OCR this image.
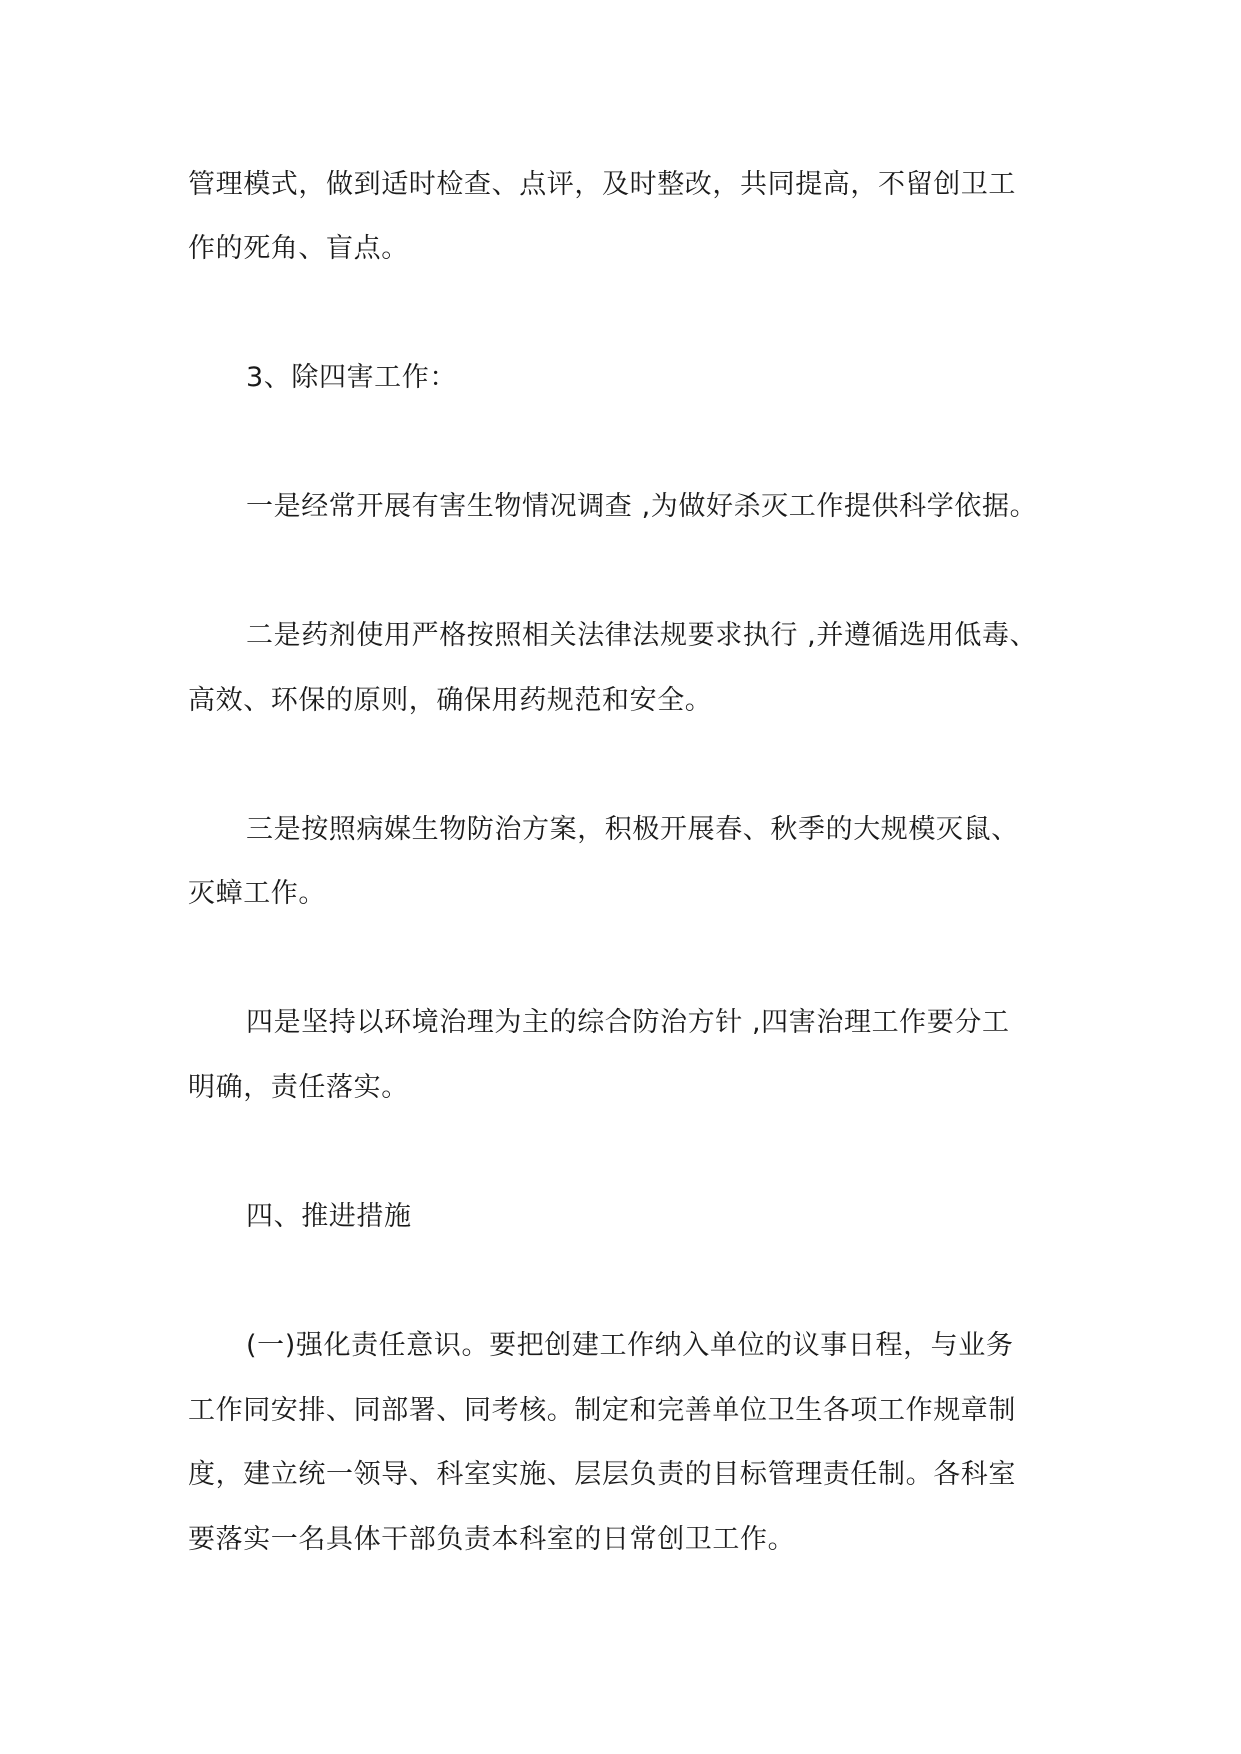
管理模式，做到适时检查、点评，及时整改，共同提高，不留创卫工
作的死角、盲点。
3、除四害工作：
一是经常开展有害生物情况调查 ,为做好杀灭工作提供科学依据。
二是药剂使用严格按照相关法律法规要求执行 ,并遵循选用低毒、
高效、环保的原则，确保用药规范和安全。
三是按照病媒生物防治方案，积极开展春、秋季的大规模灭鼠、
灭蟑工作。
四是坚持以环境治理为主的综合防治方针 ,四害治理工作要分工
明确，责任落实。
四、推进措施
(一)强化责任意识。要把创建工作纳入单位的议事日程，与业务
工作同安排、同部署、同考核。制定和完善单位卫生各项工作规章制
度，建立统一领导、科室实施、层层负责的目标管理责任制。各科室
要落实一名具体干部负责本科室的日常创卫工作。
